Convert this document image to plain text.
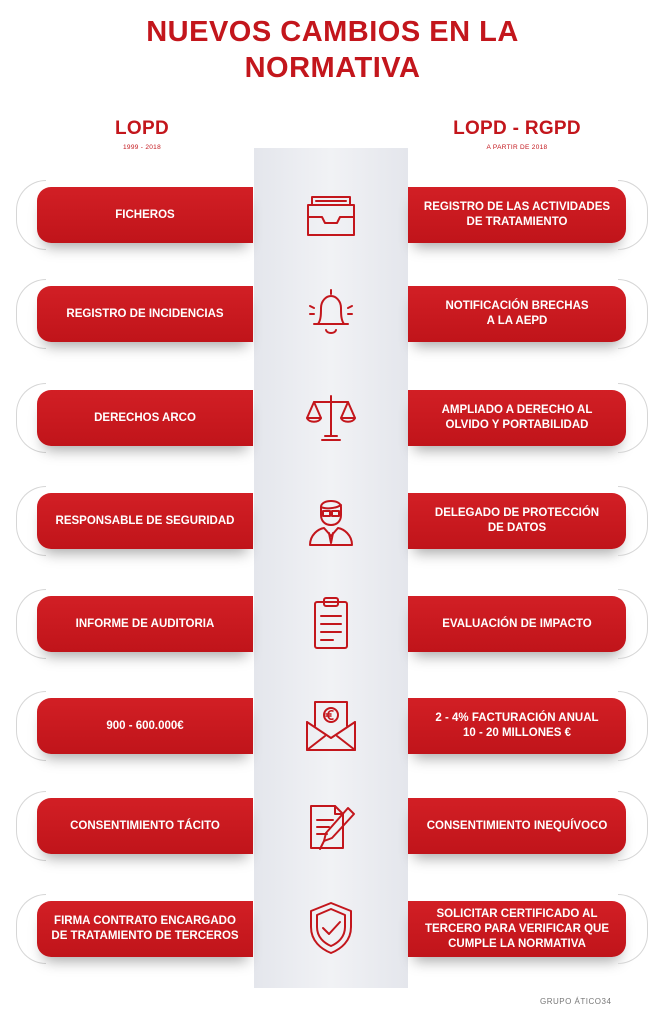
NUEVOS CAMBIOS EN LA
NORMATIVA
LOPD
1999 - 2018
LOPD - RGPD
A PARTIR DE 2018
FICHEROS
REGISTRO DE LAS ACTIVIDADES
DE TRATAMIENTO
REGISTRO DE INCIDENCIAS
NOTIFICACIÓN BRECHAS
A LA AEPD
DERECHOS ARCO
AMPLIADO A DERECHO AL
OLVIDO Y PORTABILIDAD
RESPONSABLE DE SEGURIDAD
DELEGADO DE PROTECCIÓN
DE DATOS
INFORME DE AUDITORIA	EVALUACIÓN DE IMPACTO
900 - 600.000€
2 - 4% FACTURACIÓN ANUAL
10 - 20 MILLONES €
CONSENTIMIENTO TÁCITO	CONSENTIMIENTO INEQUÍVOCO
FIRMA CONTRATO ENCARGADO
DE TRATAMIENTO DE TERCEROS
SOLICITAR CERTIFICADO AL
TERCERO PARA VERIFICAR QUE
CUMPLE LA NORMATIVA
GRUPO ÁTICO34
